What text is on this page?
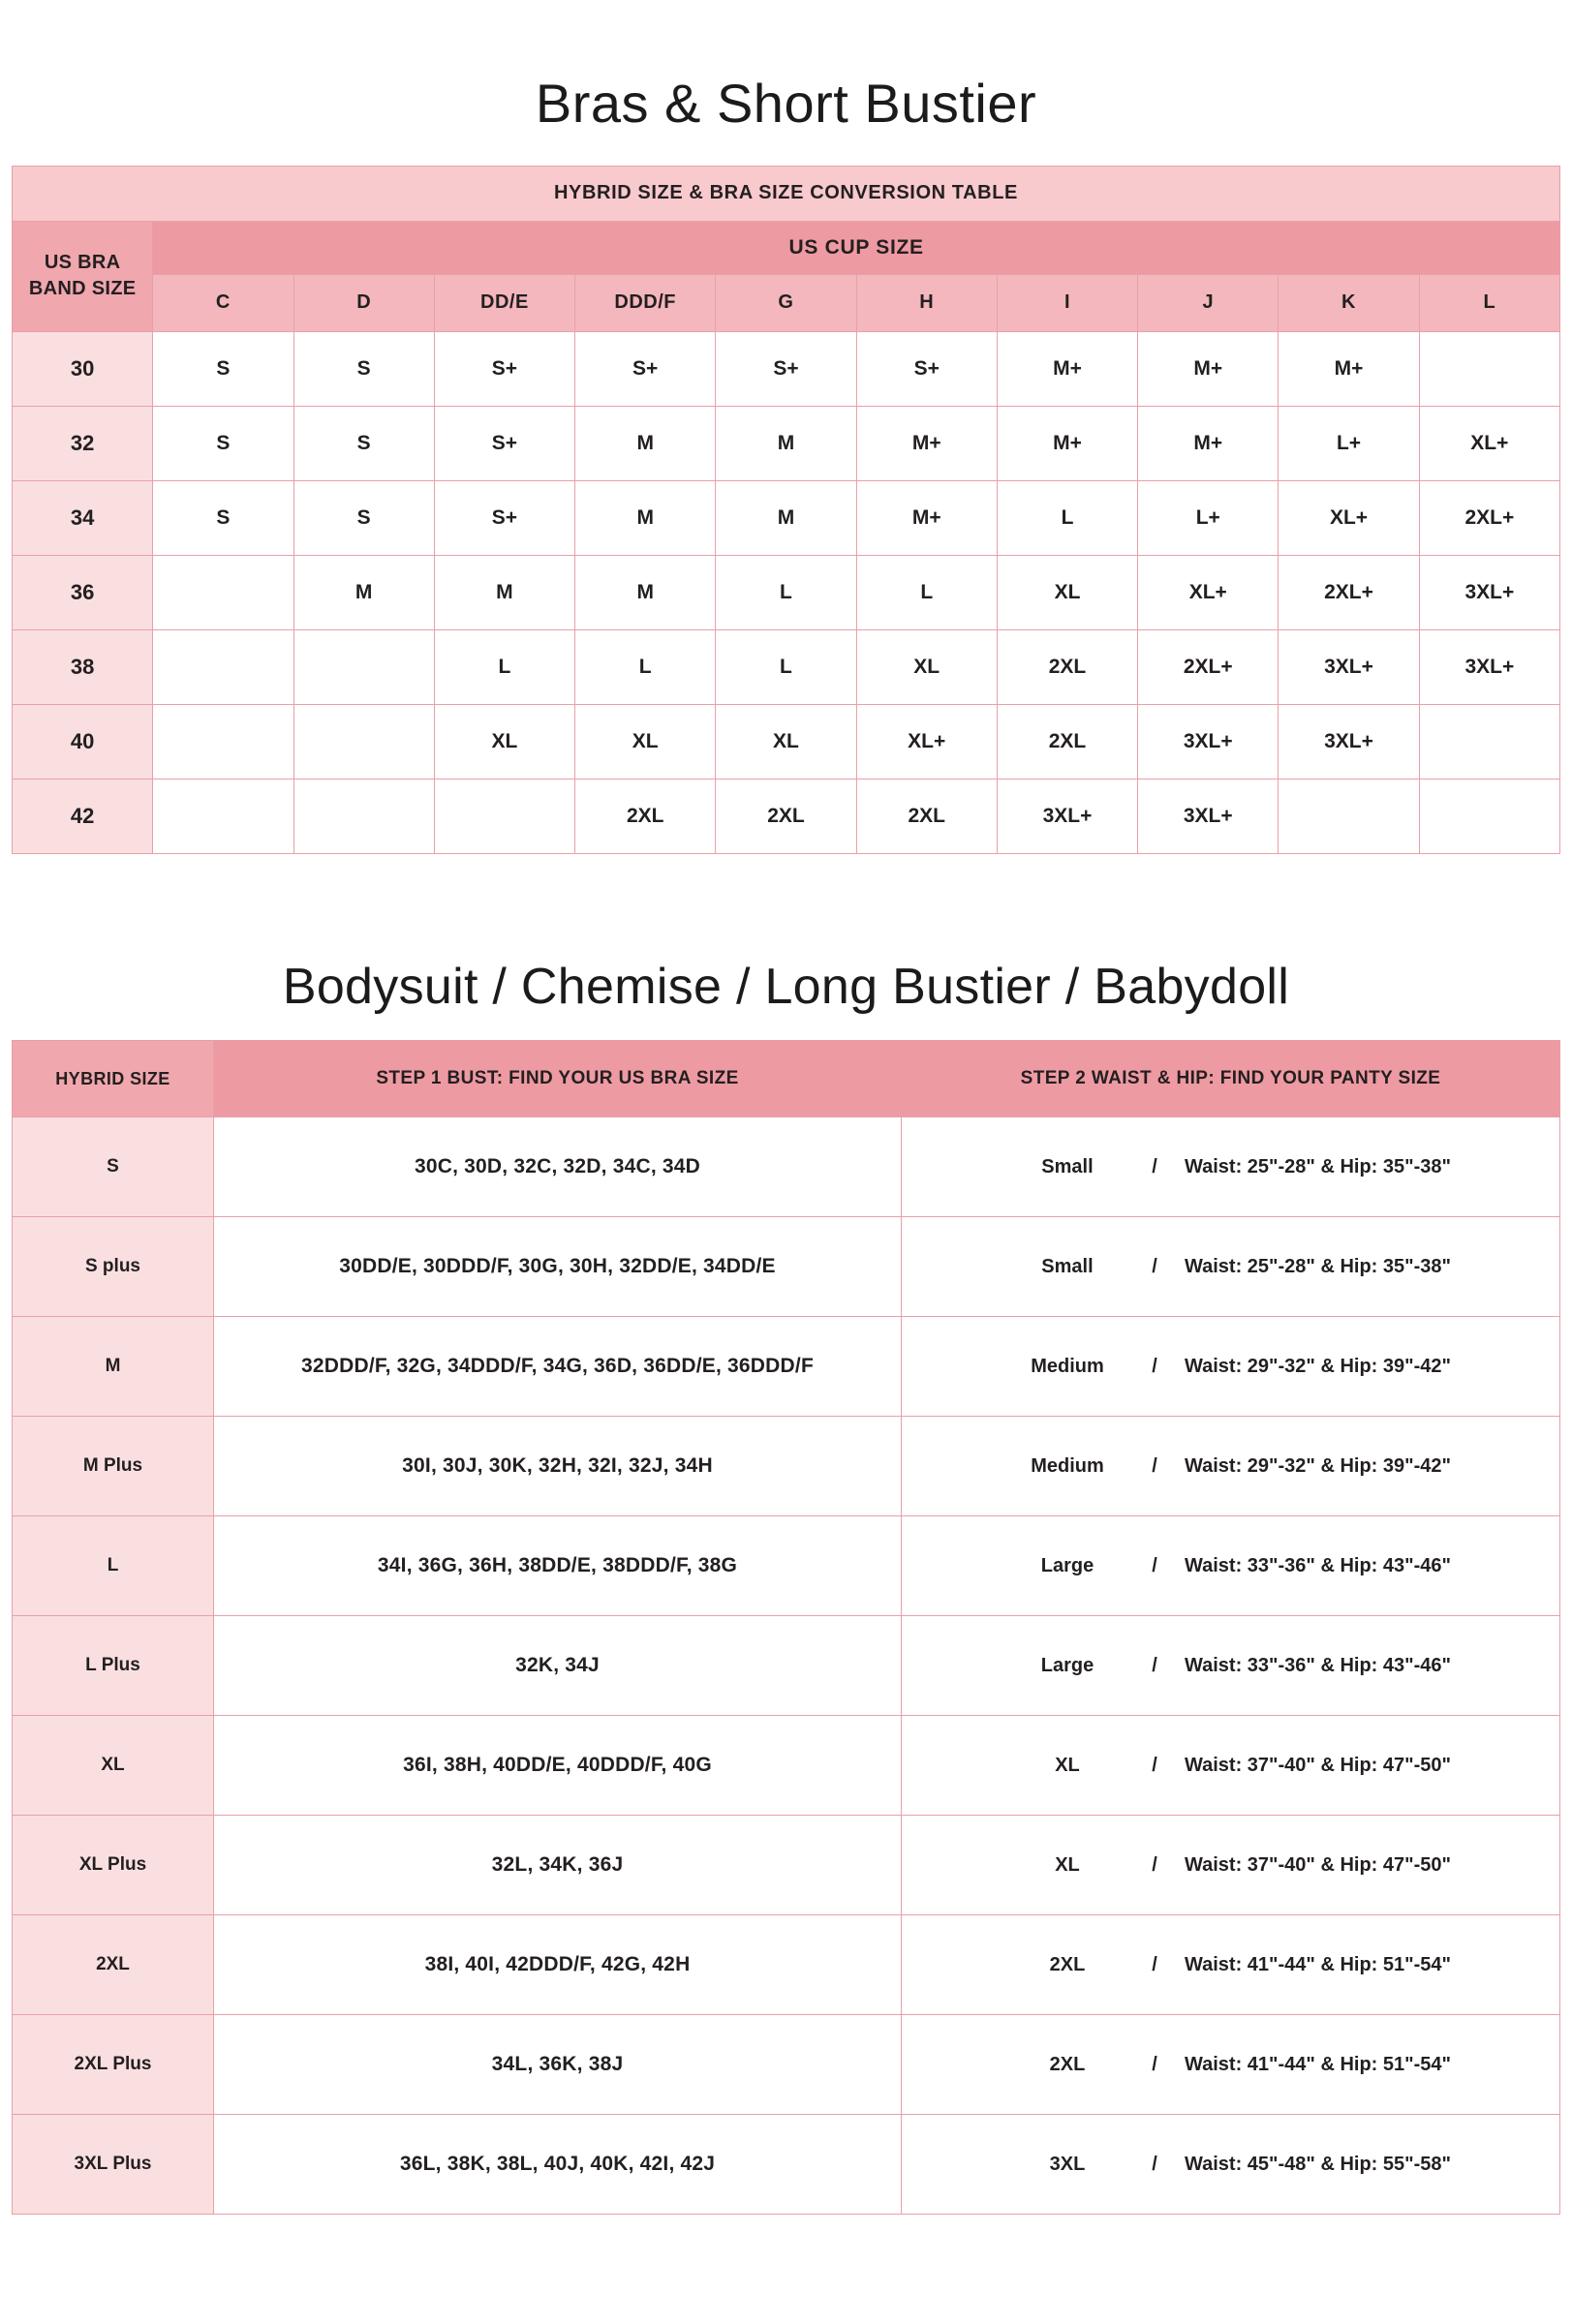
Bras & Short Bustier
HYBRID SIZE & BRA SIZE CONVERSION TABLE										
US BRA BAND SIZE	US CUP SIZE									
	C	D	DD/E	DDD/F	G	H	I	J	K	L
30	S	S	S+	S+	S+	S+	M+	M+	M+	
32	S	S	S+	M	M	M+	M+	M+	L+	XL+
34	S	S	S+	M	M	M+	L	L+	XL+	2XL+
36		M	M	M	L	L	XL	XL+	2XL+	3XL+
38			L	L	L	XL	2XL	2XL+	3XL+	3XL+
40			XL	XL	XL	XL+	2XL	3XL+	3XL+	
42				2XL	2XL	2XL	3XL+	3XL+		
Bodysuit / Chemise / Long Bustier / Babydoll
HYBRID SIZE	STEP 1 BUST: FIND YOUR US BRA SIZE	STEP 2 WAIST & HIP: FIND YOUR PANTY SIZE
S	30C, 30D, 32C, 32D, 34C, 34D	Small / Waist: 25"-28" & Hip: 35"-38"

S plus	30DD/E, 30DDD/F, 30G, 30H, 32DD/E, 34DD/E	Small / Waist: 25"-28" & Hip: 35"-38"

M	32DDD/F, 32G, 34DDD/F, 34G, 36D, 36DD/E, 36DDD/F	Medium / Waist: 29"-32" & Hip: 39"-42"

M Plus	30I, 30J, 30K, 32H, 32I, 32J, 34H	Medium / Waist: 29"-32" & Hip: 39"-42"

L	34I, 36G, 36H, 38DD/E, 38DDD/F, 38G	Large / Waist: 33"-36" & Hip: 43"-46"

L Plus	32K, 34J	Large / Waist: 33"-36" & Hip: 43"-46"

XL	36I, 38H, 40DD/E, 40DDD/F, 40G	XL / Waist: 37"-40" & Hip: 47"-50"

XL Plus	32L, 34K, 36J	XL / Waist: 37"-40" & Hip: 47"-50"

2XL	38I, 40I, 42DDD/F, 42G, 42H	2XL / Waist: 41"-44" & Hip: 51"-54"

2XL Plus	34L, 36K, 38J	2XL / Waist: 41"-44" & Hip: 51"-54"

3XL Plus	36L, 38K, 38L, 40J, 40K, 42I, 42J	3XL / Waist: 45"-48" & Hip: 55"-58"
